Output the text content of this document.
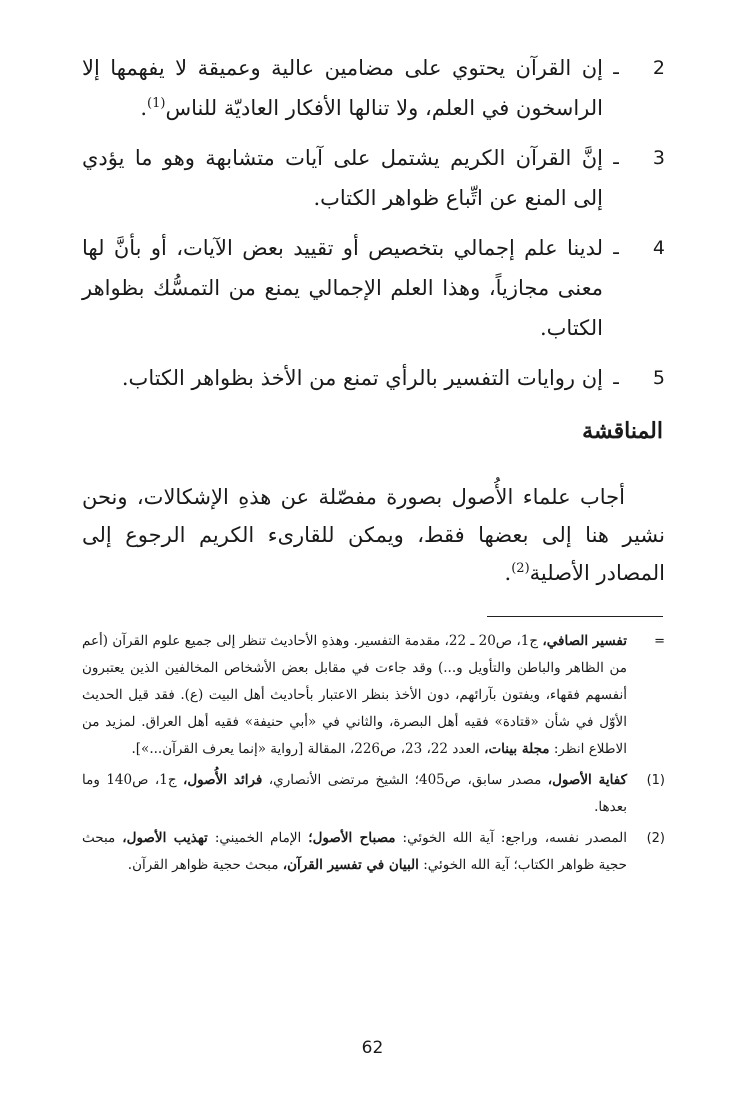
2
ـ
إن القرآن يحتوي على مضامين عالية وعميقة لا يفهمها إلا الراسخون في العلم، ولا تنالها الأفكار العاديّة للناس$^{(1)}$.
3
ـ
إنَّ القرآن الكريم يشتمل على آيات متشابهة وهو ما يؤدي إلى المنع عن اتِّباع ظواهر الكتاب.
4
ـ
لدينا علم إجمالي بتخصيص أو تقييد بعض الآيات، أو بأنَّ لها معنى مجازياً، وهذا العلم الإجمالي يمنع من التمسُّك بظواهر الكتاب.
5
ـ
إن روايات التفسير بالرأي تمنع من الأخذ بظواهر الكتاب.
المناقشة
أجاب علماء الأُصول بصورة مفصّلة عن هذهِ الإشكالات، ونحن نشير هنا إلى بعضها فقط، ويمكن للقارىء الكريم الرجوع إلى المصادر الأصلية$^{(2)}$.
=
تفسير الصافي، ج1، ص20 ـ 22، مقدمة التفسير. وهذهِ الأحاديث تنظر إلى جميع علوم القرآن (أعم من الظاهر والباطن والتأويل و...) وقد جاءت في مقابل بعض الأشخاص المخالفين الذين يعتبرون أنفسهم فقهاء، ويفتون بآرائهم، دون الأخذ بنظر الاعتبار بأحاديث أهل البيت (ع). فقد قيل الحديث الأوّل في شأن «قتادة» فقيه أهل البصرة، والثاني في «أبي حنيفة» فقيه أهل العراق. لمزيد من الاطلاع انظر: مجلة بينات، العدد 22، 23، ص226، المقالة [رواية «إنما يعرف القرآن...»].
(1)
كفاية الأصول، مصدر سابق، ص405؛ الشيخ مرتضى الأنصاري، فرائد الأُصول، ج1، ص140 وما بعدها.
(2)
المصدر نفسه، وراجع: آية الله الخوئي: مصباح الأصول؛ الإمام الخميني: تهذيب الأصول، مبحث حجية ظواهر الكتاب؛ آية الله الخوئي: البيان في تفسير القرآن، مبحث حجية ظواهر القرآن.
62
